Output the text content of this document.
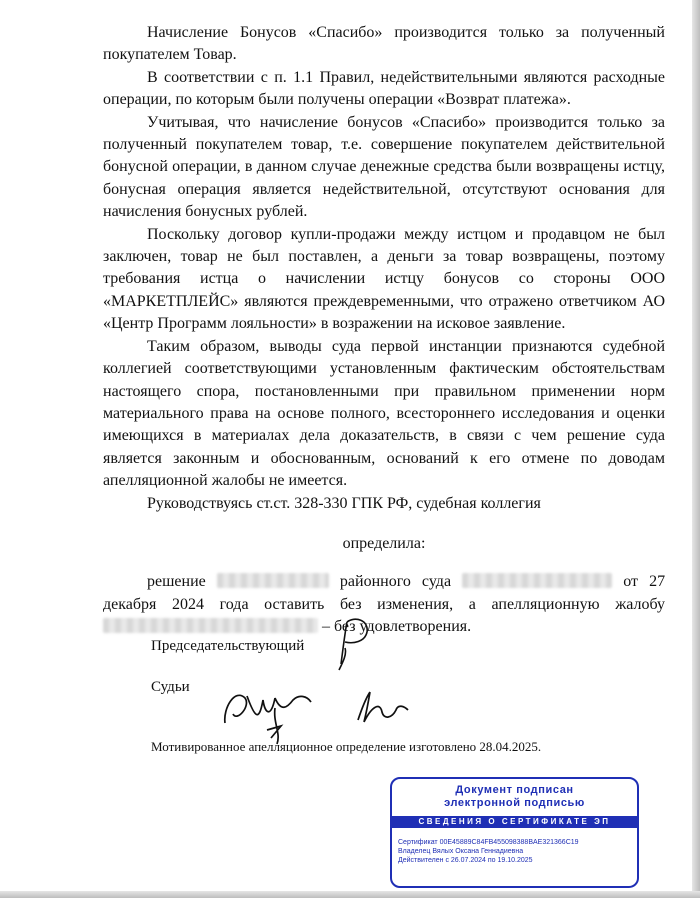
Начисление Бонусов «Спасибо» производится только за полученный покупателем Товар.

В соответствии с п. 1.1 Правил, недействительными являются расходные операции, по которым были получены операции «Возврат платежа».

Учитывая, что начисление бонусов «Спасибо» производится только за полученный покупателем товар, т.е. совершение покупателем действительной бонусной операции, в данном случае денежные средства были возвращены истцу, бонусная операция является недействительной, отсутствуют основания для начисления бонусных рублей.

Поскольку договор купли-продажи между истцом и продавцом не был заключен, товар не был поставлен, а деньги за товар возвращены, поэтому требования истца о начислении истцу бонусов со стороны ООО «МАРКЕТПЛЕЙС» являются преждевременными, что отражено ответчиком АО «Центр Программ лояльности» в возражении на исковое заявление.

Таким образом, выводы суда первой инстанции признаются судебной коллегией соответствующими установленным фактическим обстоятельствам настоящего спора, постановленными при правильном применении норм материального права на основе полного, всестороннего исследования и оценки имеющихся в материалах дела доказательств, в связи с чем решение суда является законным и обоснованным, оснований к его отмене по доводам апелляционной жалобы не имеется.

Руководствуясь ст.ст. 328-330 ГПК РФ, судебная коллегия

определила:

решение	районного суда	от 27 декабря 2024 года оставить без изменения, а апелляционную жалобу  – без удовлетворения.

Председательствующий
Судьи
Мотивированное апелляционное определение изготовлено 28.04.2025.
Документ подписан
электронной подписью
СВЕДЕНИЯ О СЕРТИФИКАТЕ ЭП
Сертификат 00E45889C84FB455098388BAE321366C19
Владелец Вялых Оксана Геннадиевна
Действителен с 26.07.2024 по 19.10.2025
